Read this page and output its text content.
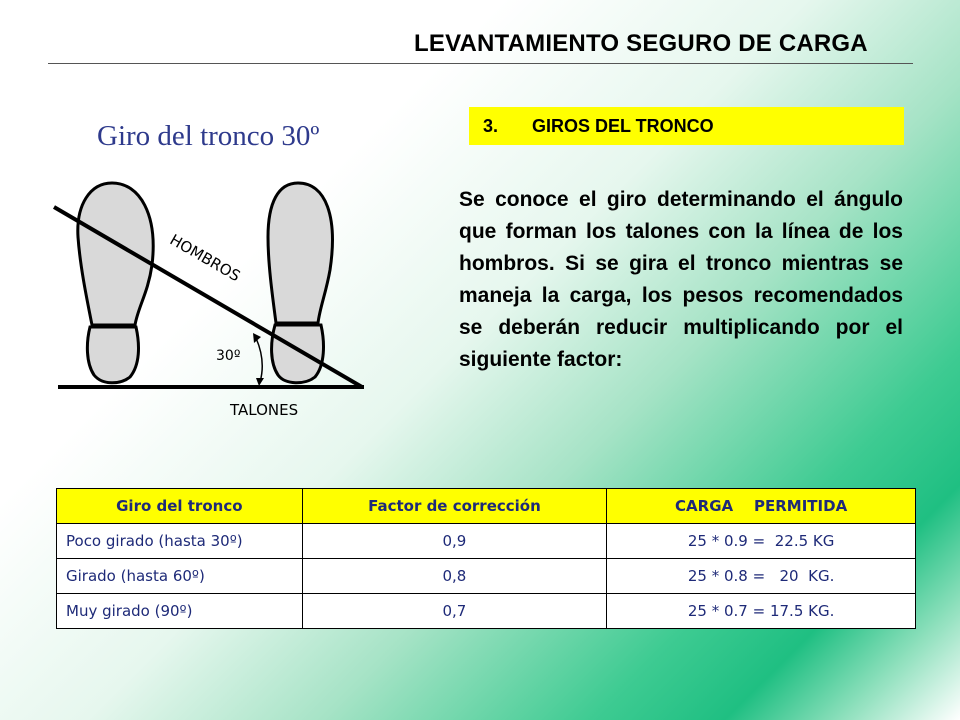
LEVANTAMIENTO SEGURO DE CARGA
Giro del tronco 30º	3. GIROS DEL TRONCO
HOMBROS
30º
TALONES
Se conoce el giro determinando el ángulo que forman los talones con la línea de los hombros. Si se gira el tronco mientras se maneja la carga, los pesos recomendados se deberán reducir multiplicando por el siguiente factor:
Giro del tronco	Factor de corrección	CARGA    PERMITIDA
Poco girado (hasta 30º)	0,9	25 * 0.9 =  22.5 KG
Girado (hasta 60º)	0,8	25 * 0.8 =   20  KG.
Muy girado (90º)	0,7	25 * 0.7 = 17.5 KG.
